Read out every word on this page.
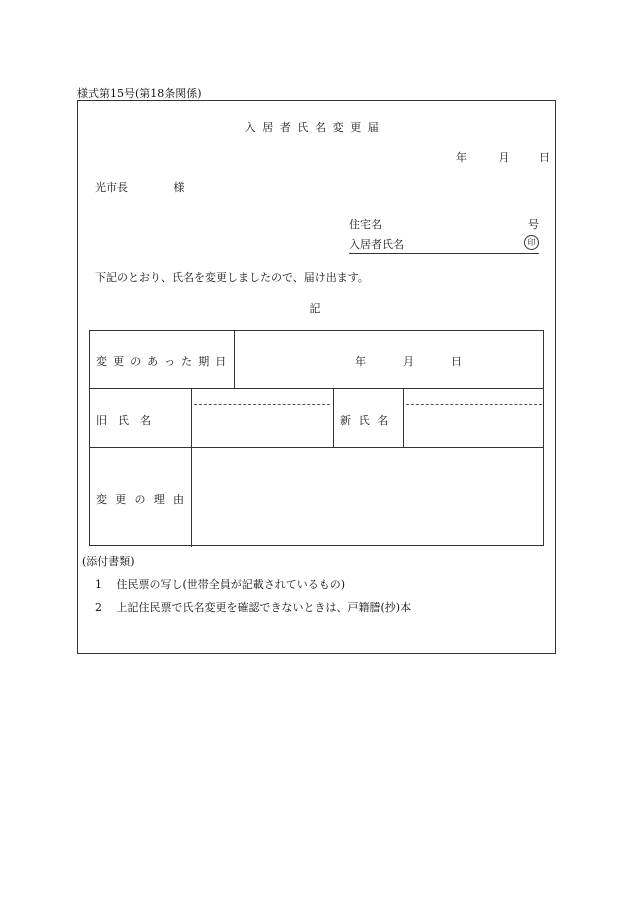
様式第15号(第18条関係)
入居者氏名変更届
年	月	日
光市長	様
住宅名	号
入居者氏名	印
下記のとおり、氏名を変更しましたので、届け出ます。
記
変更のあった期日	年	月	日
旧　氏　名	新氏名
変更の理由
(添付書類)
1 住民票の写し(世帯全員が記載されているもの)
2 上記住民票で氏名変更を確認できないときは、戸籍謄(抄)本
